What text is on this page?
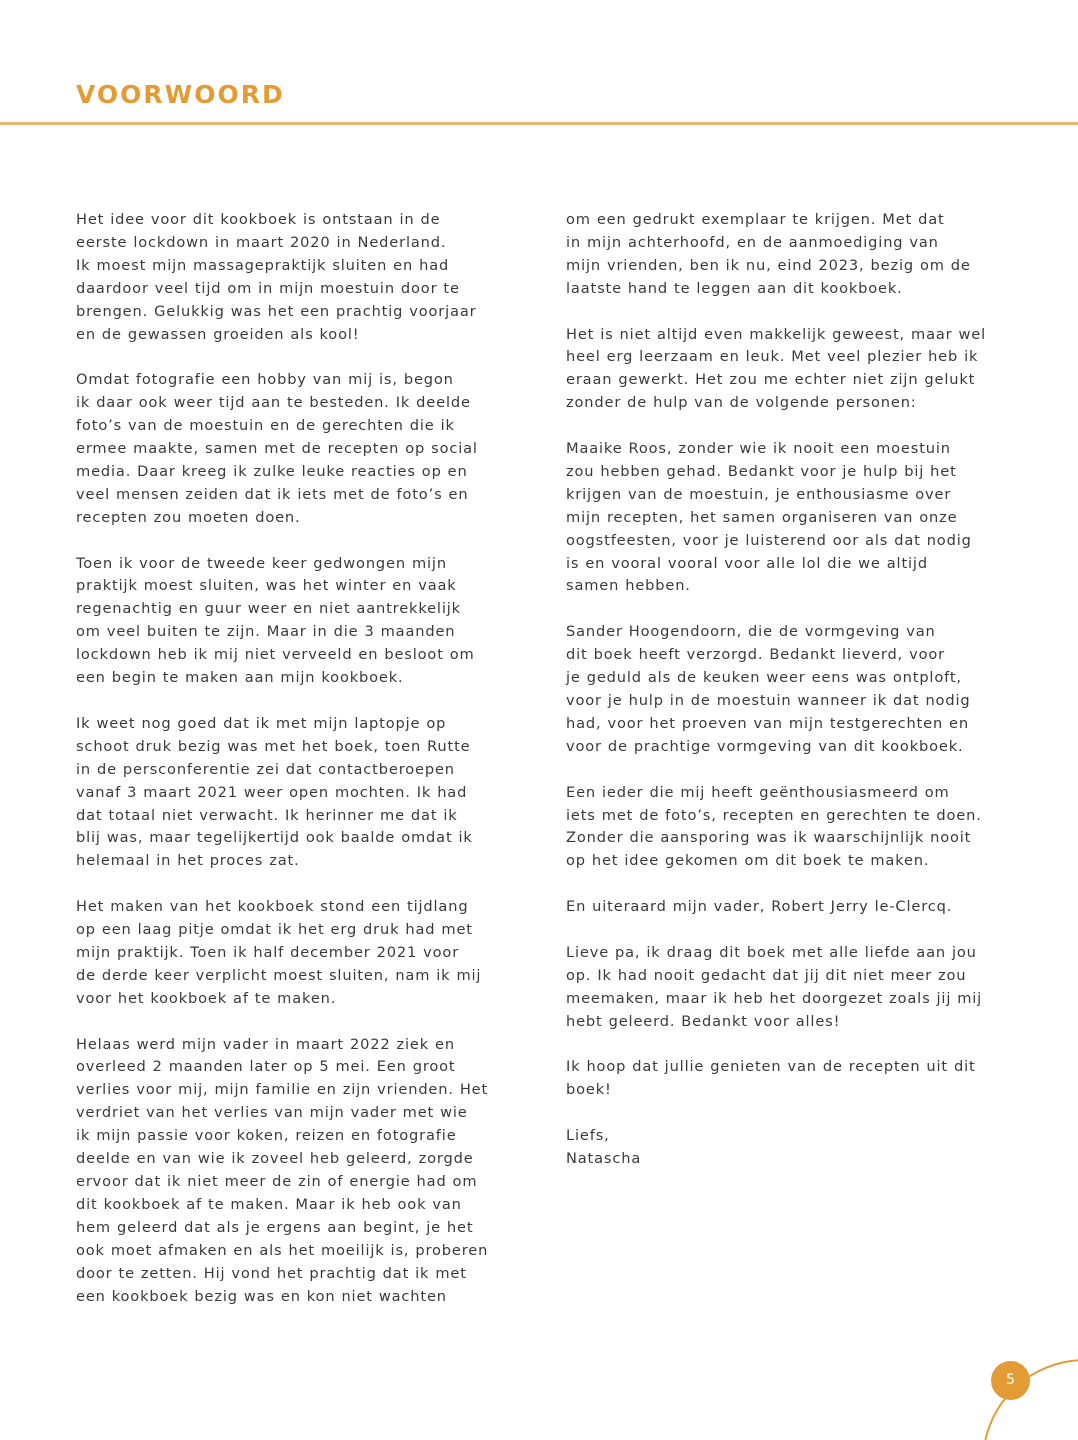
VOORWOORD

Het idee voor dit kookboek is ontstaan in de
eerste lockdown in maart 2020 in Nederland.
Ik moest mijn massagepraktijk sluiten en had
daardoor veel tijd om in mijn moestuin door te
brengen. Gelukkig was het een prachtig voorjaar
en de gewassen groeiden als kool!

Omdat fotografie een hobby van mij is, begon
ik daar ook weer tijd aan te besteden. Ik deelde
foto’s van de moestuin en de gerechten die ik
ermee maakte, samen met de recepten op social
media. Daar kreeg ik zulke leuke reacties op en
veel mensen zeiden dat ik iets met de foto’s en
recepten zou moeten doen.

Toen ik voor de tweede keer gedwongen mijn
praktijk moest sluiten, was het winter en vaak
regenachtig en guur weer en niet aantrekkelijk
om veel buiten te zijn. Maar in die 3 maanden
lockdown heb ik mij niet verveeld en besloot om
een begin te maken aan mijn kookboek.

Ik weet nog goed dat ik met mijn laptopje op
schoot druk bezig was met het boek, toen Rutte
in de persconferentie zei dat contactberoepen
vanaf 3 maart 2021 weer open mochten. Ik had
dat totaal niet verwacht. Ik herinner me dat ik
blij was, maar tegelijkertijd ook baalde omdat ik
helemaal in het proces zat.

Het maken van het kookboek stond een tijdlang
op een laag pitje omdat ik het erg druk had met
mijn praktijk. Toen ik half december 2021 voor
de derde keer verplicht moest sluiten, nam ik mij
voor het kookboek af te maken.

Helaas werd mijn vader in maart 2022 ziek en
overleed 2 maanden later op 5 mei. Een groot
verlies voor mij, mijn familie en zijn vrienden. Het
verdriet van het verlies van mijn vader met wie
ik mijn passie voor koken, reizen en fotografie
deelde en van wie ik zoveel heb geleerd, zorgde
ervoor dat ik niet meer de zin of energie had om
dit kookboek af te maken. Maar ik heb ook van
hem geleerd dat als je ergens aan begint, je het
ook moet afmaken en als het moeilijk is, proberen
door te zetten. Hij vond het prachtig dat ik met
een kookboek bezig was en kon niet wachten

om een gedrukt exemplaar te krijgen. Met dat
in mijn achterhoofd, en de aanmoediging van
mijn vrienden, ben ik nu, eind 2023, bezig om de
laatste hand te leggen aan dit kookboek.

Het is niet altijd even makkelijk geweest, maar wel
heel erg leerzaam en leuk. Met veel plezier heb ik
eraan gewerkt. Het zou me echter niet zijn gelukt
zonder de hulp van de volgende personen:

Maaike Roos, zonder wie ik nooit een moestuin
zou hebben gehad. Bedankt voor je hulp bij het
krijgen van de moestuin, je enthousiasme over
mijn recepten, het samen organiseren van onze
oogstfeesten, voor je luisterend oor als dat nodig
is en vooral vooral voor alle lol die we altijd
samen hebben.

Sander Hoogendoorn, die de vormgeving van
dit boek heeft verzorgd. Bedankt lieverd, voor
je geduld als de keuken weer eens was ontploft,
voor je hulp in de moestuin wanneer ik dat nodig
had, voor het proeven van mijn testgerechten en
voor de prachtige vormgeving van dit kookboek.

Een ieder die mij heeft geënthousiasmeerd om
iets met de foto’s, recepten en gerechten te doen.
Zonder die aansporing was ik waarschijnlijk nooit
op het idee gekomen om dit boek te maken.

En uiteraard mijn vader, Robert Jerry le-Clercq.

Lieve pa, ik draag dit boek met alle liefde aan jou
op. Ik had nooit gedacht dat jij dit niet meer zou
meemaken, maar ik heb het doorgezet zoals jij mij
hebt geleerd. Bedankt voor alles!

Ik hoop dat jullie genieten van de recepten uit dit
boek!

Liefs,
Natascha

5
